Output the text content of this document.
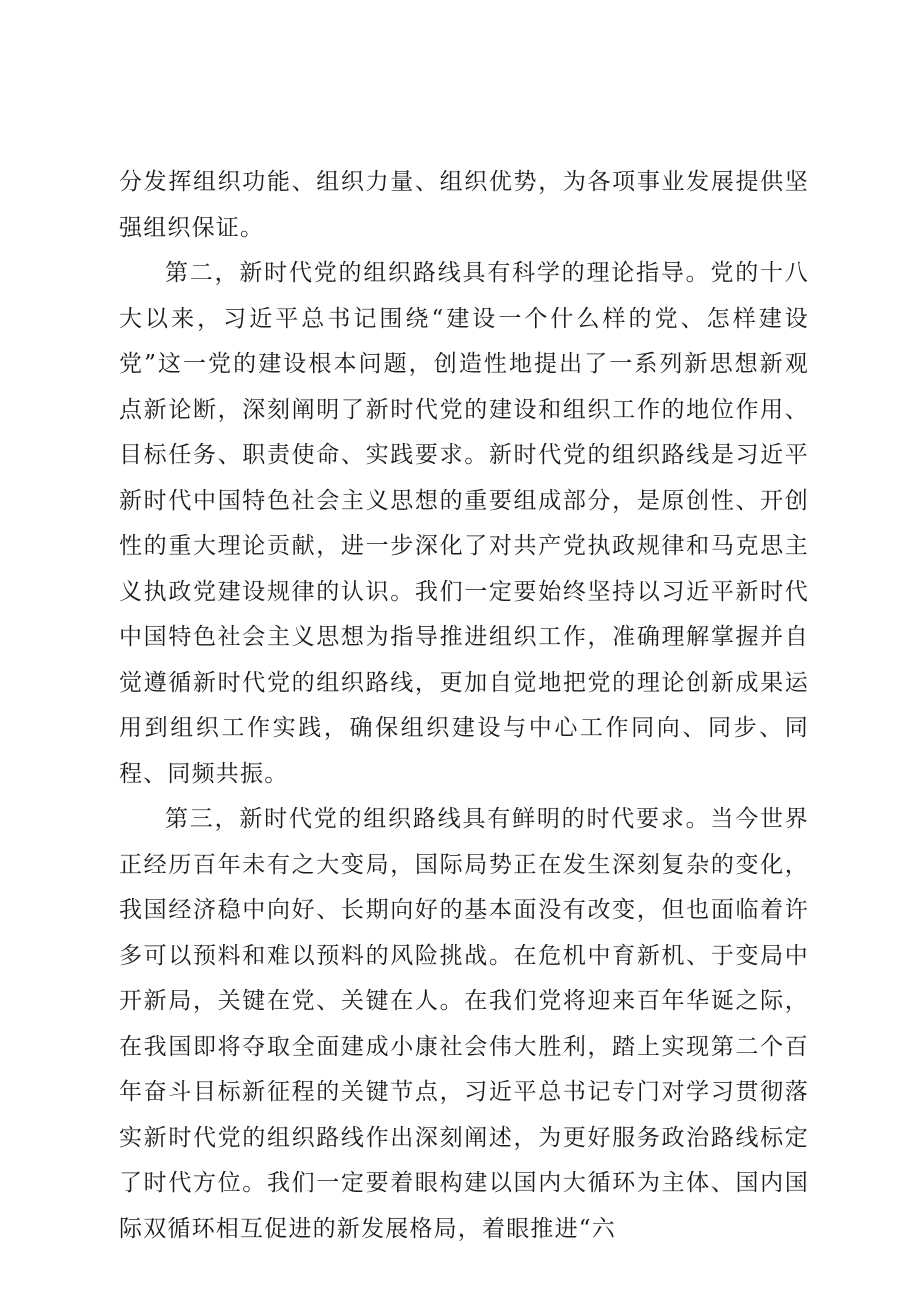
分发挥组织功能、组织力量、组织优势，为各项事业发展提供坚强组织保证。

第二，新时代党的组织路线具有科学的理论指导。党的十八大以来，习近平总书记围绕“建设一个什么样的党、怎样建设党”这一党的建设根本问题，创造性地提出了一系列新思想新观点新论断，深刻阐明了新时代党的建设和组织工作的地位作用、目标任务、职责使命、实践要求。新时代党的组织路线是习近平新时代中国特色社会主义思想的重要组成部分，是原创性、开创性的重大理论贡献，进一步深化了对共产党执政规律和马克思主义执政党建设规律的认识。我们一定要始终坚持以习近平新时代中国特色社会主义思想为指导推进组织工作，准确理解掌握并自觉遵循新时代党的组织路线，更加自觉地把党的理论创新成果运用到组织工作实践，确保组织建设与中心工作同向、同步、同程、同频共振。

第三，新时代党的组织路线具有鲜明的时代要求。当今世界正经历百年未有之大变局，国际局势正在发生深刻复杂的变化，我国经济稳中向好、长期向好的基本面没有改变，但也面临着许多可以预料和难以预料的风险挑战。在危机中育新机、于变局中开新局，关键在党、关键在人。在我们党将迎来百年华诞之际，在我国即将夺取全面建成小康社会伟大胜利，踏上实现第二个百年奋斗目标新征程的关键节点，习近平总书记专门对学习贯彻落实新时代党的组织路线作出深刻阐述，为更好服务政治路线标定了时代方位。我们一定要着眼构建以国内大循环为主体、国内国际双循环相互促进的新发展格局，着眼推进“六
